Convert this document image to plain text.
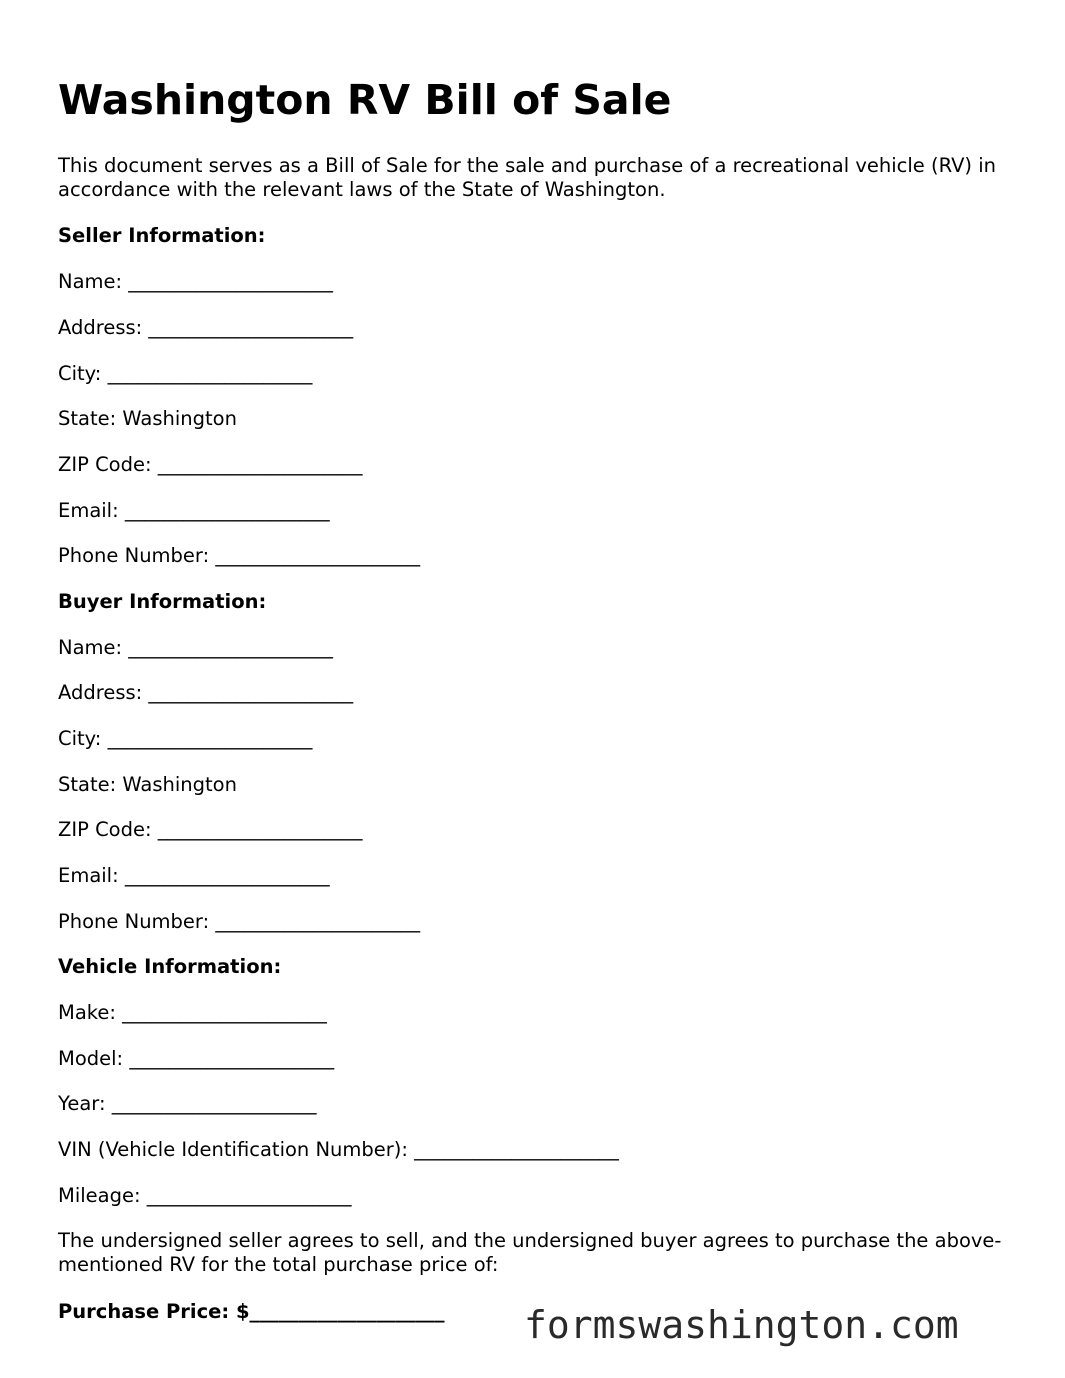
Washington RV Bill of Sale

This document serves as a Bill of Sale for the sale and purchase of a recreational vehicle (RV) in accordance with the relevant laws of the State of Washington.

Seller Information:

Name: _____________________

Address: _____________________

City: _____________________

State: Washington

ZIP Code: _____________________

Email: _____________________

Phone Number: _____________________

Buyer Information:

Name: _____________________

Address: _____________________

City: _____________________

State: Washington

ZIP Code: _____________________

Email: _____________________

Phone Number: _____________________

Vehicle Information:

Make: _____________________

Model: _____________________

Year: _____________________

VIN (Vehicle Identification Number): _____________________

Mileage: _____________________

The undersigned seller agrees to sell, and the undersigned buyer agrees to purchase the above-mentioned RV for the total purchase price of:

Purchase Price: $____________________ formswashington.com
